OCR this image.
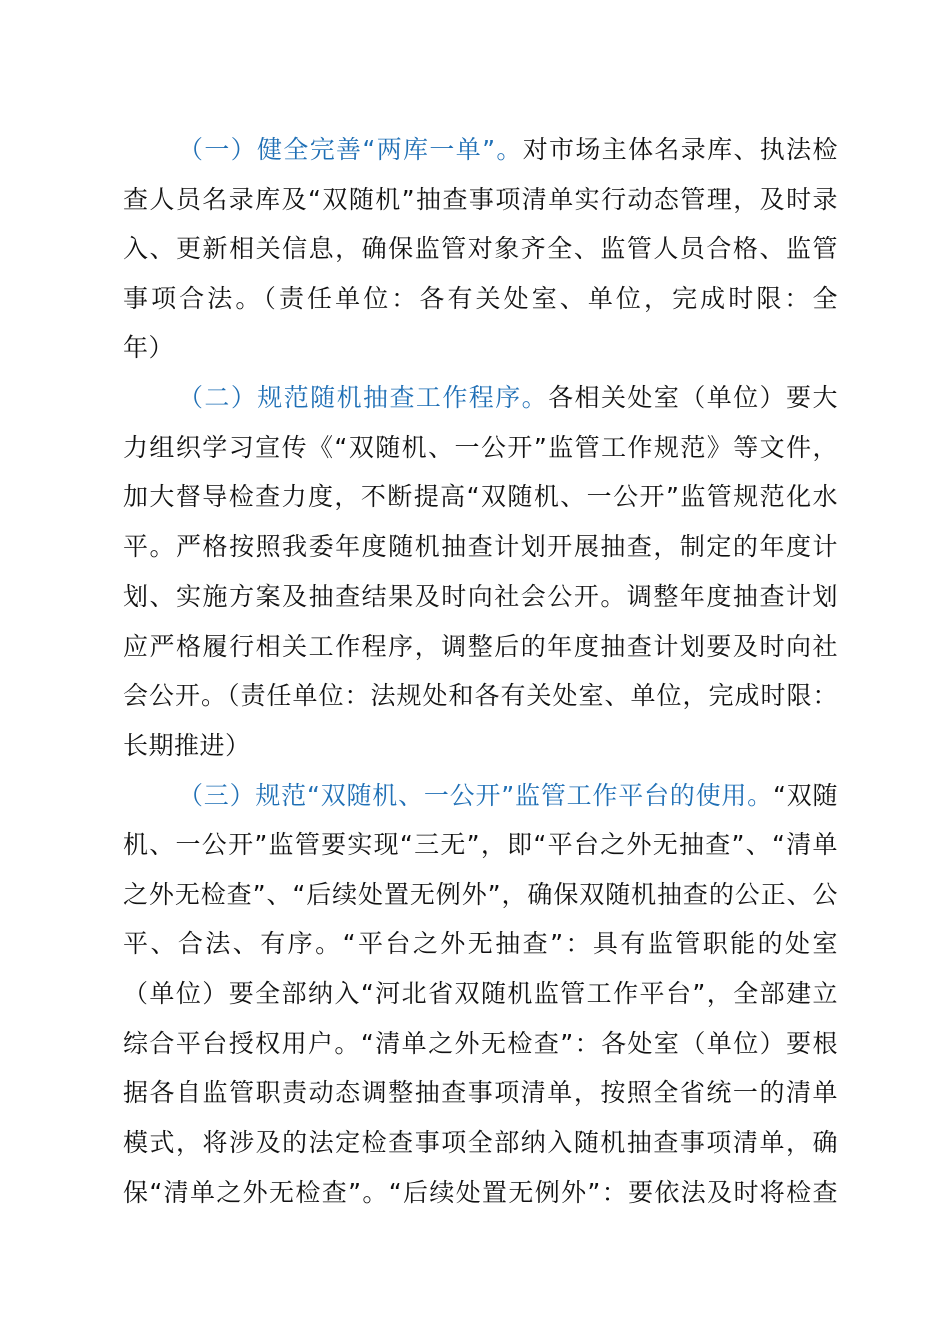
（一）健全完善“两库一单”。对市场主体名录库、执法检
查人员名录库及“双随机”抽查事项清单实行动态管理，及时录
入、更新相关信息，确保监管对象齐全、监管人员合格、监管
事项合法。（责任单位：各有关处室、单位，完成时限：全
年）
（二）规范随机抽查工作程序。各相关处室（单位）要大
力组织学习宣传《“双随机、一公开”监管工作规范》等文件，
加大督导检查力度，不断提高“双随机、一公开”监管规范化水
平。严格按照我委年度随机抽查计划开展抽查，制定的年度计
划、实施方案及抽查结果及时向社会公开。调整年度抽查计划
应严格履行相关工作程序，调整后的年度抽查计划要及时向社
会公开。（责任单位：法规处和各有关处室、单位，完成时限：
长期推进）
（三）规范“双随机、一公开”监管工作平台的使用。“双随
机、一公开”监管要实现“三无”，即“平台之外无抽查”、“清单
之外无检查”、“后续处置无例外”，确保双随机抽查的公正、公
平、合法、有序。“平台之外无抽查”：具有监管职能的处室
（单位）要全部纳入“河北省双随机监管工作平台”，全部建立
综合平台授权用户。“清单之外无检查”：各处室（单位）要根
据各自监管职责动态调整抽查事项清单，按照全省统一的清单
模式，将涉及的法定检查事项全部纳入随机抽查事项清单，确
保“清单之外无检查”。“后续处置无例外”：要依法及时将检查
